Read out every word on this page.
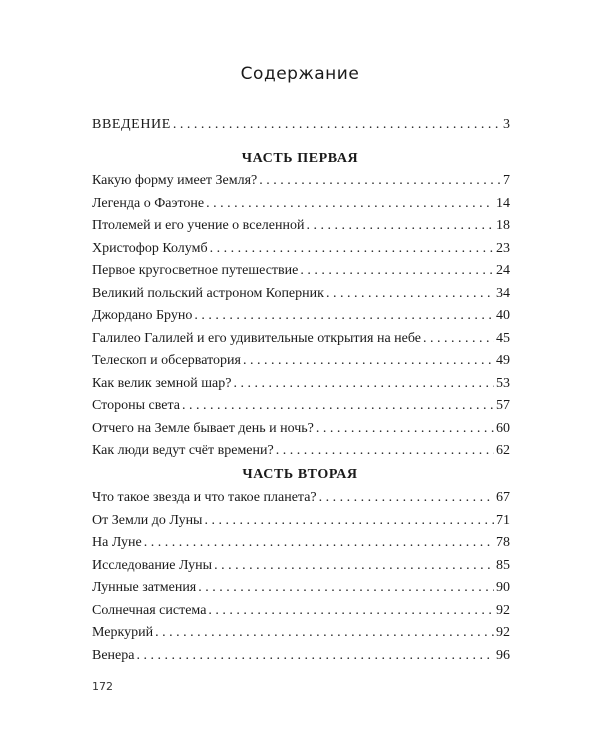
Содержание
ВВЕДЕНИЕ . . .	3
ЧАСТЬ ПЕРВАЯ
Какую форму имеет Земля? . . .	7
Легенда о Фаэтоне . . .	14
Птолемей и его учение о вселенной . . .	18
Христофор Колумб . . .	23
Первое кругосветное путешествие . . .	24
Великий польский астроном Коперник . . .	34
Джордано Бруно . . .	40
Галилео Галилей и его удивительные открытия на небе . . .	45
Телескоп и обсерватория . . .	49
Как велик земной шар? . . .	53
Стороны света . . .	57
Отчего на Земле бывает день и ночь? . . .	60
Как люди ведут счёт времени? . . .	62
ЧАСТЬ ВТОРАЯ
Что такое звезда и что такое планета? . . .	67
От Земли до Луны . . .	71
На Луне . . .	78
Исследование Луны . . .	85
Лунные затмения . . .	90
Солнечная система . . .	92
Меркурий . . .	92
Венера . . .	96
172
